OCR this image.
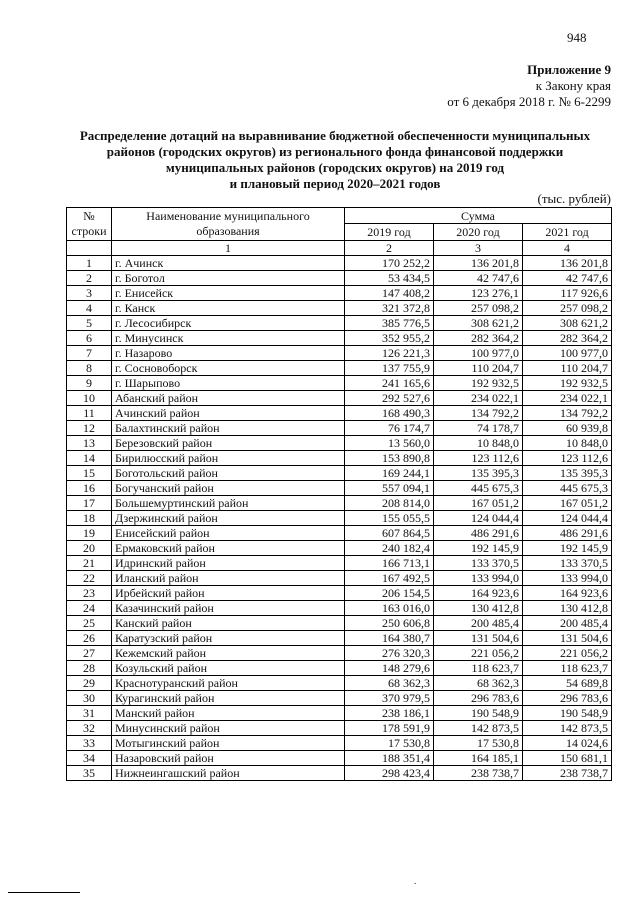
948
Приложение 9
к Закону края
от 6 декабря 2018 г. № 6-2299
Распределение дотаций на выравнивание бюджетной обеспеченности муниципальных
районов (городских округов) из регионального фонда финансовой поддержки
муниципальных районов (городских округов) на 2019 год
и плановый период 2020–2021 годов
(тыс. рублей)
№ строки	Наименование муниципального образования	Сумма		
		2019 год	2020 год	2021 год
	1	2	3	4
1	г. Ачинск	170 252,2	136 201,8	136 201,8
2	г. Боготол	53 434,5	42 747,6	42 747,6
3	г. Енисейск	147 408,2	123 276,1	117 926,6
4	г. Канск	321 372,8	257 098,2	257 098,2
5	г. Лесосибирск	385 776,5	308 621,2	308 621,2
6	г. Минусинск	352 955,2	282 364,2	282 364,2
7	г. Назарово	126 221,3	100 977,0	100 977,0
8	г. Сосновоборск	137 755,9	110 204,7	110 204,7
9	г. Шарыпово	241 165,6	192 932,5	192 932,5
10	Абанский район	292 527,6	234 022,1	234 022,1
11	Ачинский район	168 490,3	134 792,2	134 792,2
12	Балахтинский район	76 174,7	74 178,7	60 939,8
13	Березовский район	13 560,0	10 848,0	10 848,0
14	Бирилюсский район	153 890,8	123 112,6	123 112,6
15	Боготольский район	169 244,1	135 395,3	135 395,3
16	Богучанский район	557 094,1	445 675,3	445 675,3
17	Большемуртинский район	208 814,0	167 051,2	167 051,2
18	Дзержинский район	155 055,5	124 044,4	124 044,4
19	Енисейский район	607 864,5	486 291,6	486 291,6
20	Ермаковский район	240 182,4	192 145,9	192 145,9
21	Идринский район	166 713,1	133 370,5	133 370,5
22	Иланский район	167 492,5	133 994,0	133 994,0
23	Ирбейский район	206 154,5	164 923,6	164 923,6
24	Казачинский район	163 016,0	130 412,8	130 412,8
25	Канский район	250 606,8	200 485,4	200 485,4
26	Каратузский район	164 380,7	131 504,6	131 504,6
27	Кежемский район	276 320,3	221 056,2	221 056,2
28	Козульский район	148 279,6	118 623,7	118 623,7
29	Краснотуранский район	68 362,3	68 362,3	54 689,8
30	Курагинский район	370 979,5	296 783,6	296 783,6
31	Манский район	238 186,1	190 548,9	190 548,9
32	Минусинский район	178 591,9	142 873,5	142 873,5
33	Мотыгинский район	17 530,8	17 530,8	14 024,6
34	Назаровский район	188 351,4	164 185,1	150 681,1
35	Нижнеингашский район	298 423,4	238 738,7	238 738,7
.
